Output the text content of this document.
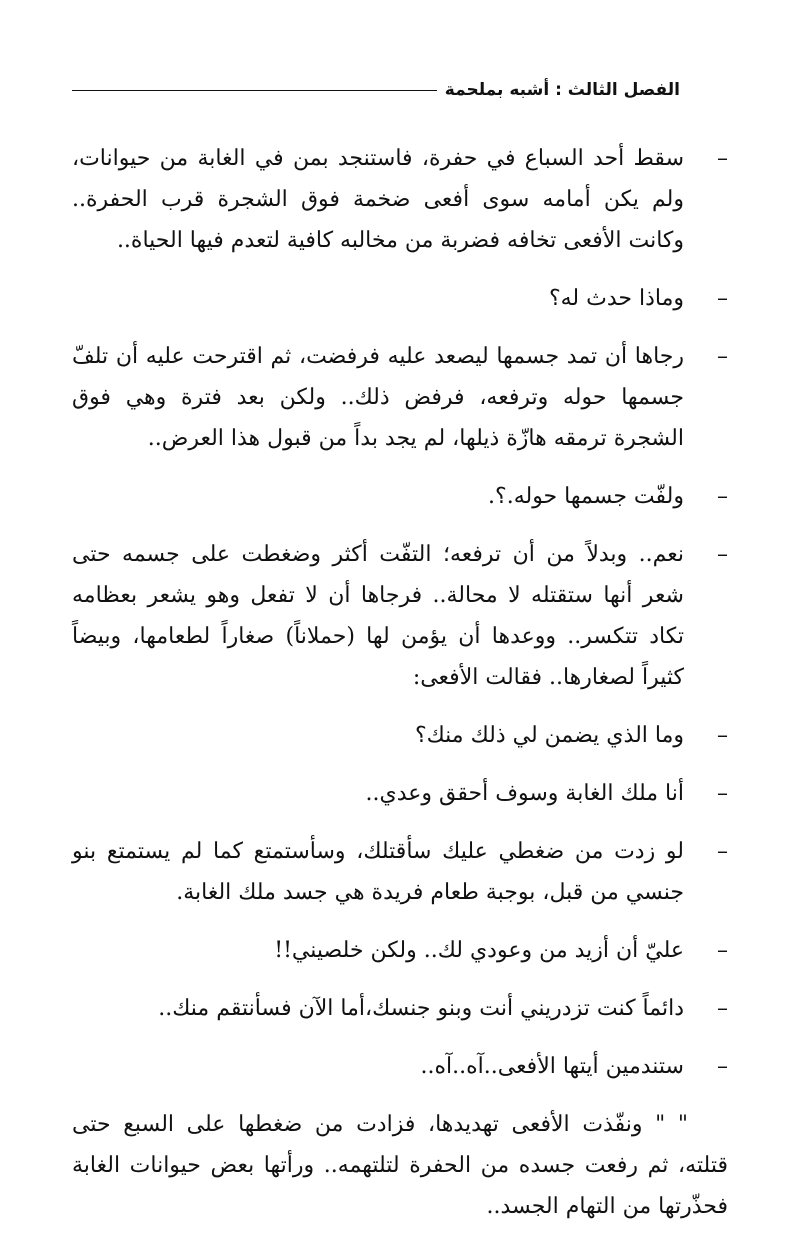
الفصل الثالث : أشبه بملحمة

–
سقط أحد السباع في حفرة، فاستنجد بمن في الغابة من حيوانات، ولم يكن أمامه سوى أفعى ضخمة فوق الشجرة قرب الحفرة.. وكانت الأفعى تخافه فضربة من مخالبه كافية لتعدم فيها الحياة..

–
وماذا حدث له؟

–
رجاها أن تمد جسمها ليصعد عليه فرفضت، ثم اقترحت عليه أن تلفّ جسمها حوله وترفعه، فرفض ذلك.. ولكن بعد فترة وهي فوق الشجرة ترمقه هازّة ذيلها، لم يجد بداً من قبول هذا العرض..

–
ولفّت جسمها حوله.؟.

–
نعم.. وبدلاً من أن ترفعه؛ التفّت أكثر وضغطت على جسمه حتى شعر أنها ستقتله لا محالة.. فرجاها أن لا تفعل وهو يشعر بعظامه تكاد تتكسر.. ووعدها أن يؤمن لها (حملاناً) صغاراً لطعامها، وبيضاً كثيراً لصغارها.. فقالت الأفعى:

–
وما الذي يضمن لي ذلك منك؟

–
أنا ملك الغابة وسوف أحقق وعدي..

–
لو زدت من ضغطي عليك سأقتلك، وسأستمتع كما لم يستمتع بنو جنسي من قبل، بوجبة طعام فريدة هي جسد ملك الغابة.

–
عليّ أن أزيد من وعودي لك.. ولكن خلصيني!!

–
دائماً كنت تزدريني أنت وبنو جنسك،أما الآن فسأنتقم منك..

–
ستندمين أيتها الأفعى..آه..آه..

" " ونفّذت الأفعى تهديدها، فزادت من ضغطها على السبع حتى قتلته، ثم رفعت جسده من الحفرة لتلتهمه.. ورأتها بعض حيوانات الغابة فحذّرتها من التهام الجسد..
